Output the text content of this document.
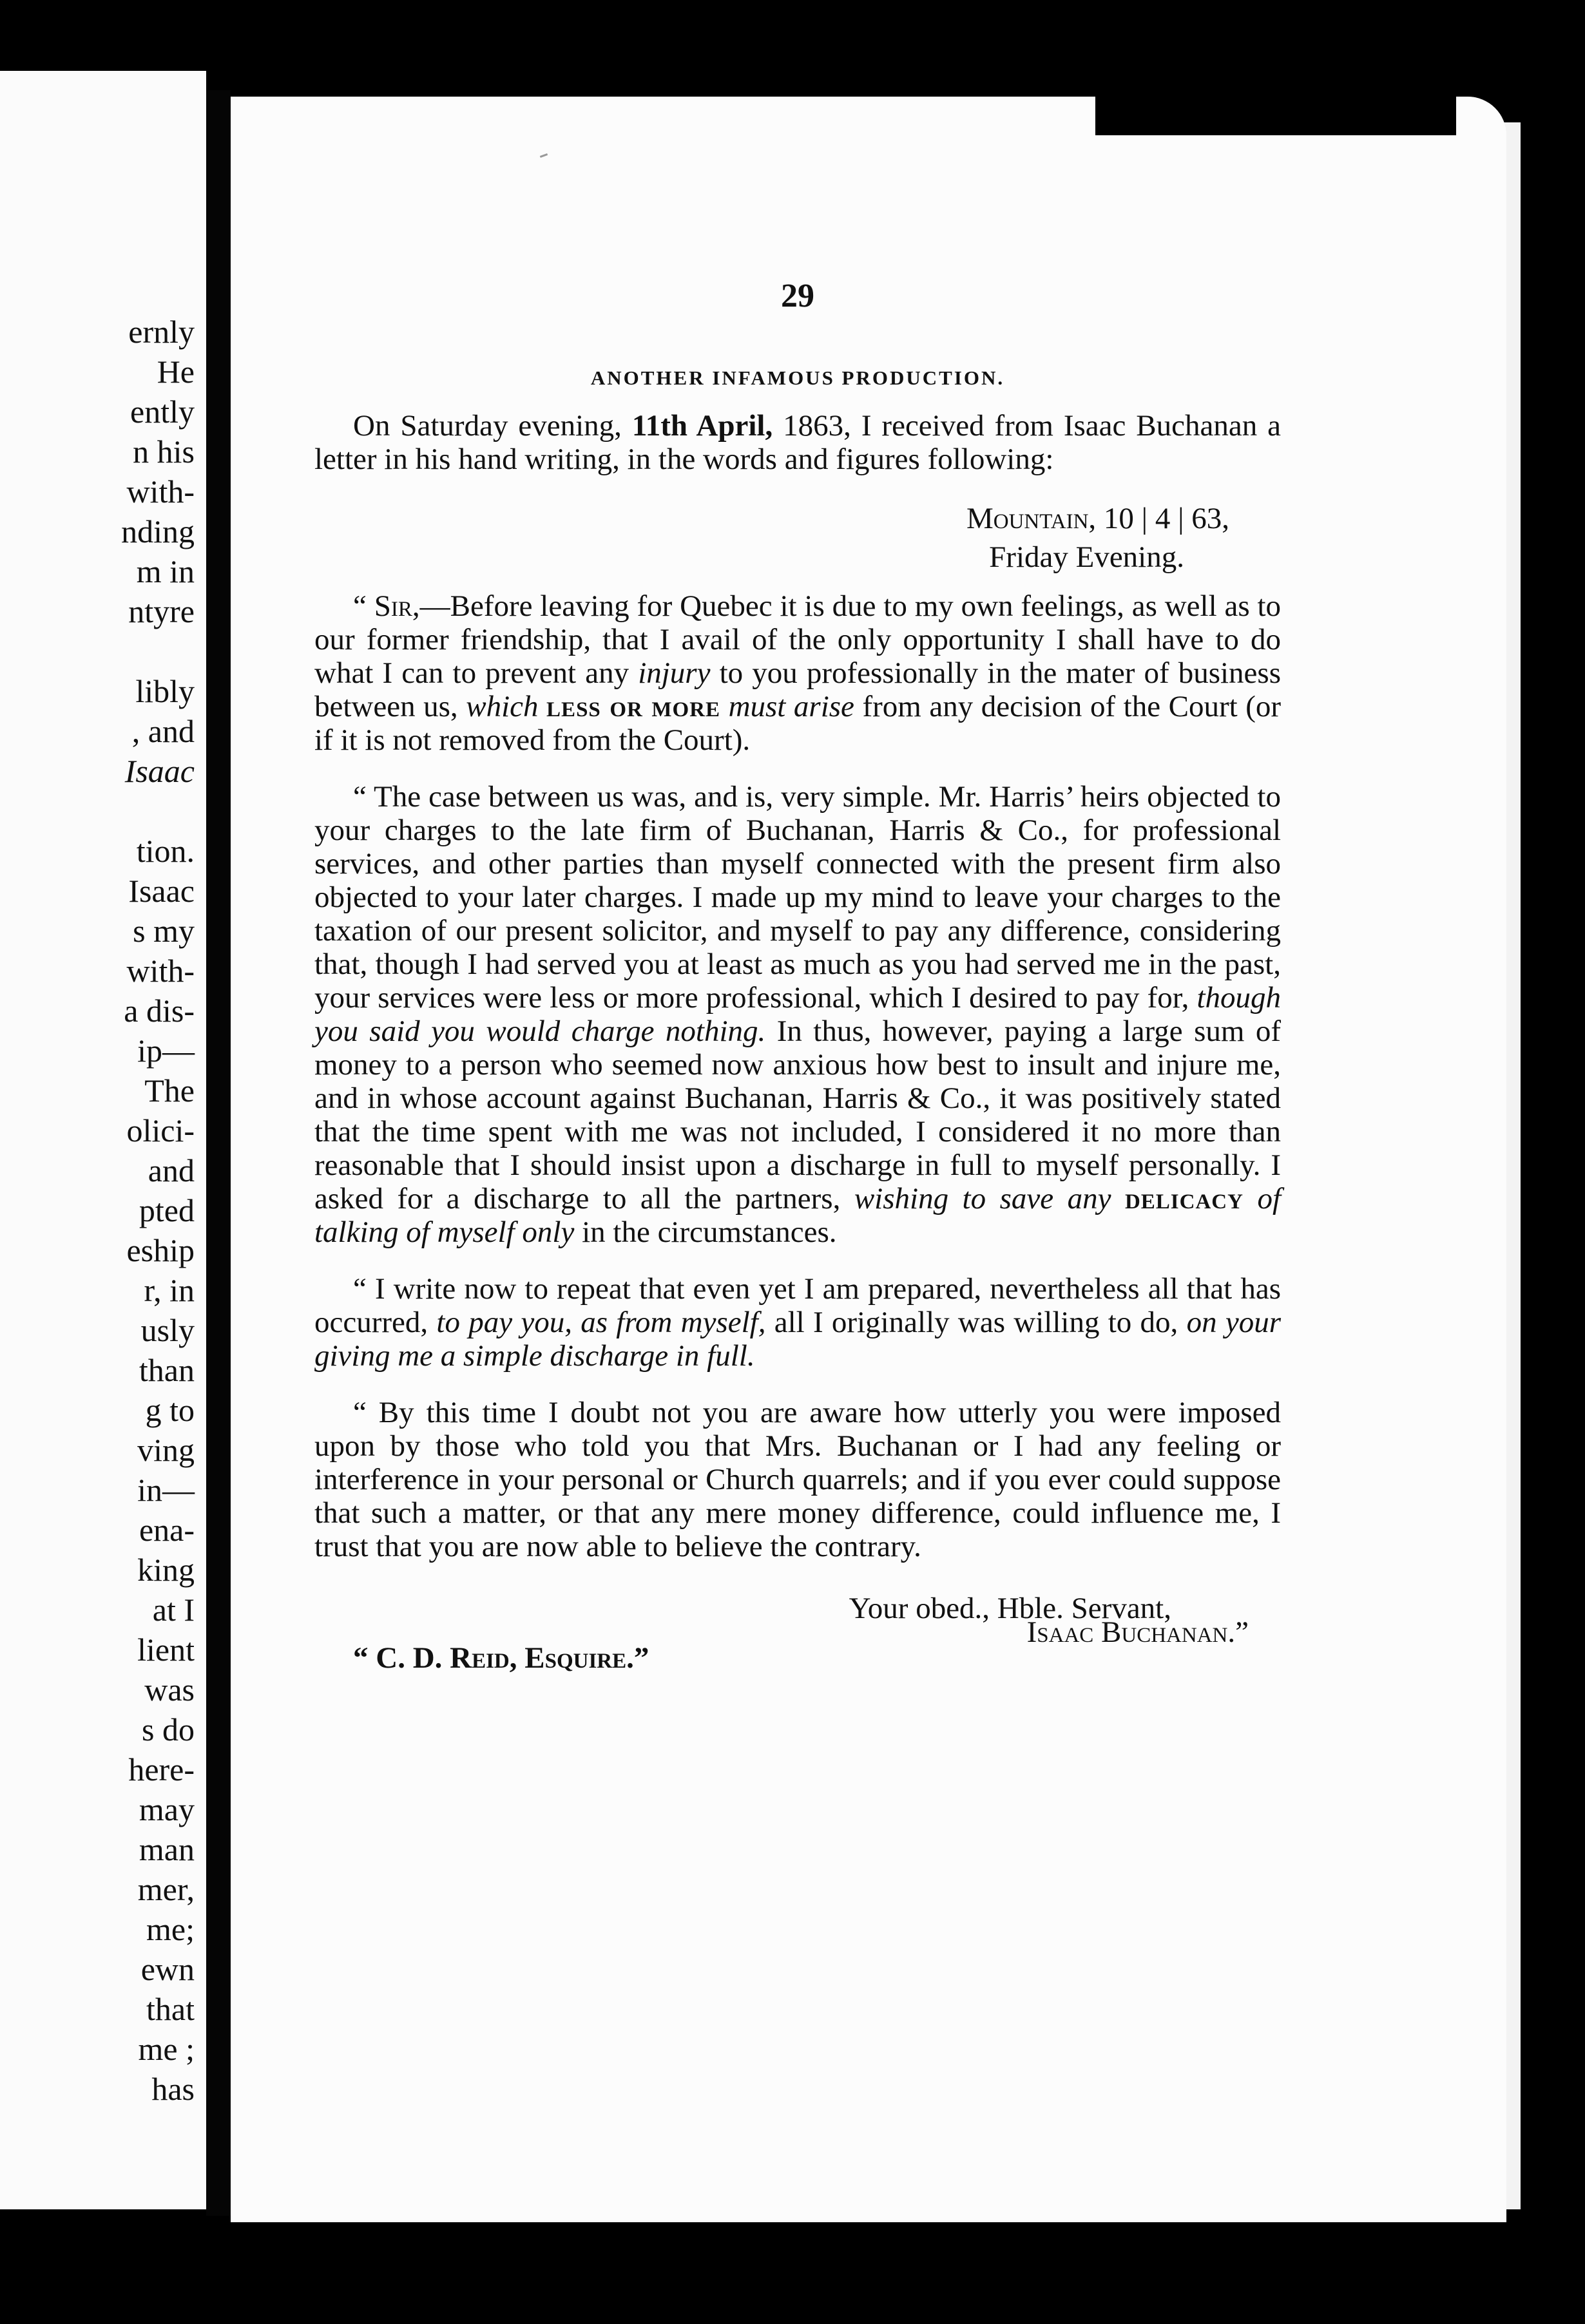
ernly
He
ently
n his
with-
nding
m in
ntyre
libly
, and
Isaac
tion.
Isaac
s my
with-
a dis-
ip—
The
olici-
and
pted
eship
r, in
usly
than
g to
ving
in—
ena-
king
at I
lient
was
s do
here-
may
man
mer,
me;
ewn
that
me ;
has
29
ANOTHER INFAMOUS PRODUCTION.

On Saturday evening, 11th April, 1863, I received from Isaac Buchanan a letter in his hand writing, in the words and figures following:

Mountain, 10 | 4 | 63,
Friday Evening.

“ Sir,—Before leaving for Quebec it is due to my own feelings, as well as to our former friendship, that I avail of the only opportunity I shall have to do what I can to prevent any injury to you professionally in the mater of business between us, which less or more must arise from any decision of the Court (or if it is not removed from the Court).

“ The case between us was, and is, very simple. Mr. Harris’ heirs objected to your charges to the late firm of Buchanan, Harris & Co., for professional services, and other parties than myself connected with the present firm also objected to your later charges. I made up my mind to leave your charges to the taxation of our present solicitor, and myself to pay any difference, considering that, though I had served you at least as much as you had served me in the past, your services were less or more professional, which I desired to pay for, though you said you would charge nothing. In thus, however, paying a large sum of money to a person who seemed now anxious how best to insult and injure me, and in whose account against Buchanan, Harris & Co., it was positively stated that the time spent with me was not included, I considered it no more than reasonable that I should insist upon a discharge in full to myself personally. I asked for a discharge to all the partners, wishing to save any delicacy of talking of myself only in the circumstances.

“ I write now to repeat that even yet I am prepared, nevertheless all that has occurred, to pay you, as from myself, all I originally was willing to do, on your giving me a simple discharge in full.

“ By this time I doubt not you are aware how utterly you were imposed upon by those who told you that Mrs. Buchanan or I had any feeling or interference in your personal or Church quarrels; and if you ever could suppose that such a matter, or that any mere money difference, could influence me, I trust that you are now able to believe the contrary.

Your obed., Hble. Servant,
“ C. D. Reid, Esquire.”
Isaac Buchanan.”
